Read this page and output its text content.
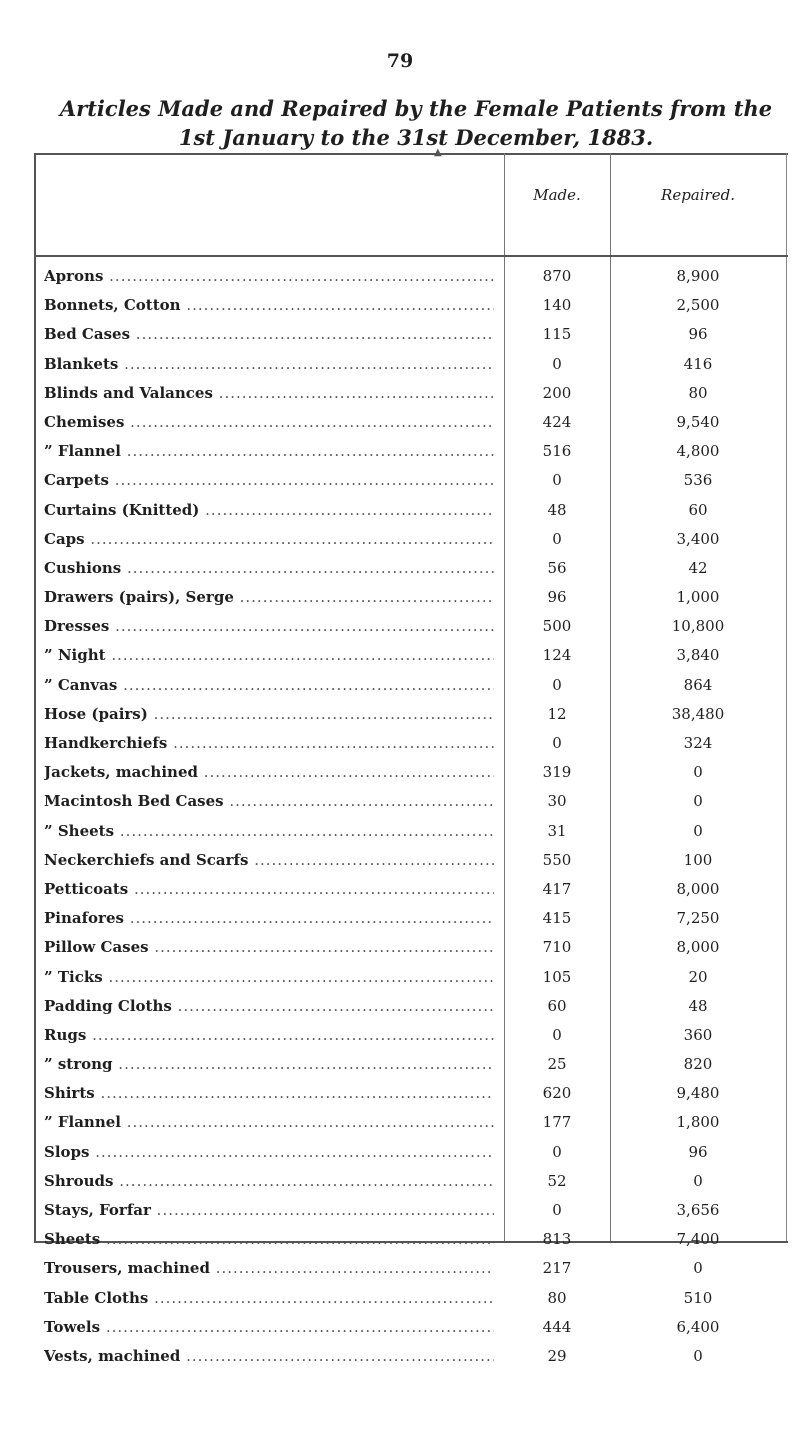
79
Articles Made and Repaired by the Female Patients from the
1st January to the 31st December, 1883.
▲
Made.	Repaired.
Aprons .....	870	8,900
Bonnets, Cotton .....	140	2,500
Bed Cases .....	115	96
Blankets .....	0	416
Blinds and Valances .....	200	80
Chemises .....	424	9,540
” Flannel .....	516	4,800
Carpets .....	0	536
Curtains (Knitted) .....	48	60
Caps .....	0	3,400
Cushions .....	56	42
Drawers (pairs), Serge .....	96	1,000
Dresses .....	500	10,800
” Night .....	124	3,840
” Canvas .....	0	864
Hose (pairs) .....	12	38,480
Handkerchiefs .....	0	324
Jackets, machined .....	319	0
Macintosh Bed Cases .....	30	0
” Sheets .....	31	0
Neckerchiefs and Scarfs .....	550	100
Petticoats .....	417	8,000
Pinafores .....	415	7,250
Pillow Cases .....	710	8,000
” Ticks .....	105	20
Padding Cloths .....	60	48
Rugs .....	0	360
” strong .....	25	820
Shirts .....	620	9,480
” Flannel .....	177	1,800
Slops .....	0	96
Shrouds .....	52	0
Stays, Forfar .....	0	3,656
Sheets .....	813	7,400
Trousers, machined .....	217	0
Table Cloths .....	80	510
Towels .....	444	6,400
Vests, machined .....	29	0
